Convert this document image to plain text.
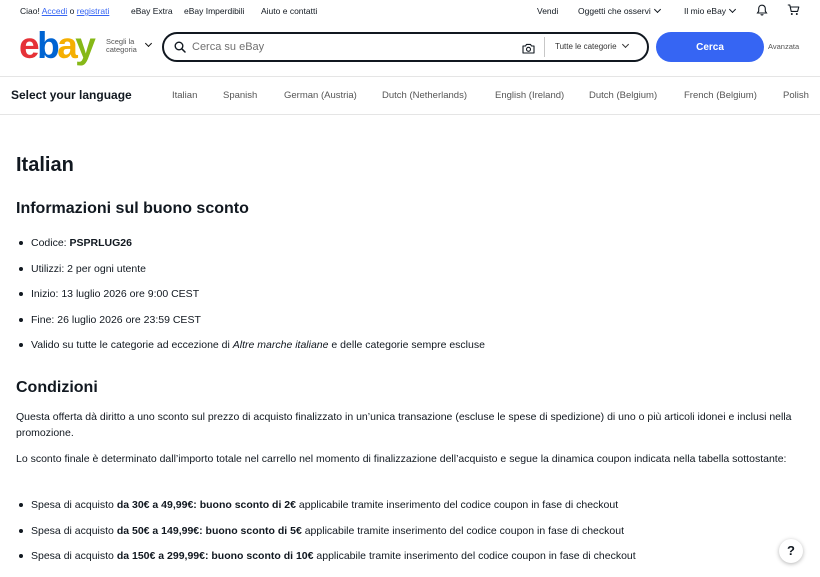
Ciao! Accedi o registrati	eBay Extra eBay Imperdibili Aiuto e contatti	Vendi Oggetti che osservi	Il mio eBay
ebay Scegli la categoria
Cerca su eBay	Tutte le categorie	Cerca	Avanzata
Select your language	Italian	Spanish	German (Austria)	Dutch (Netherlands)	English (Ireland)	Dutch (Belgium)	French (Belgium)	Polish
Italian
Informazioni sul buono sconto
Codice: PSPRLUG26
Utilizzi: 2 per ogni utente
Inizio: 13 luglio 2026 ore 9:00 CEST
Fine: 26 luglio 2026 ore 23:59 CEST
Valido su tutte le categorie ad eccezione di Altre marche italiane e delle categorie sempre escluse
Condizioni

Questa offerta dà diritto a uno sconto sul prezzo di acquisto finalizzato in un’unica transazione (escluse le spese di spedizione) di uno o più articoli idonei e inclusi nella promozione.

Lo sconto finale è determinato dall’importo totale nel carrello nel momento di finalizzazione dell’acquisto e segue la dinamica coupon indicata nella tabella sottostante:

Spesa di acquisto da 30€ a 49,99€: buono sconto di 2€ applicabile tramite inserimento del codice coupon in fase di checkout
Spesa di acquisto da 50€ a 149,99€: buono sconto di 5€ applicabile tramite inserimento del codice coupon in fase di checkout
Spesa di acquisto da 150€ a 299,99€: buono sconto di 10€ applicabile tramite inserimento del codice coupon in fase di checkout	?
